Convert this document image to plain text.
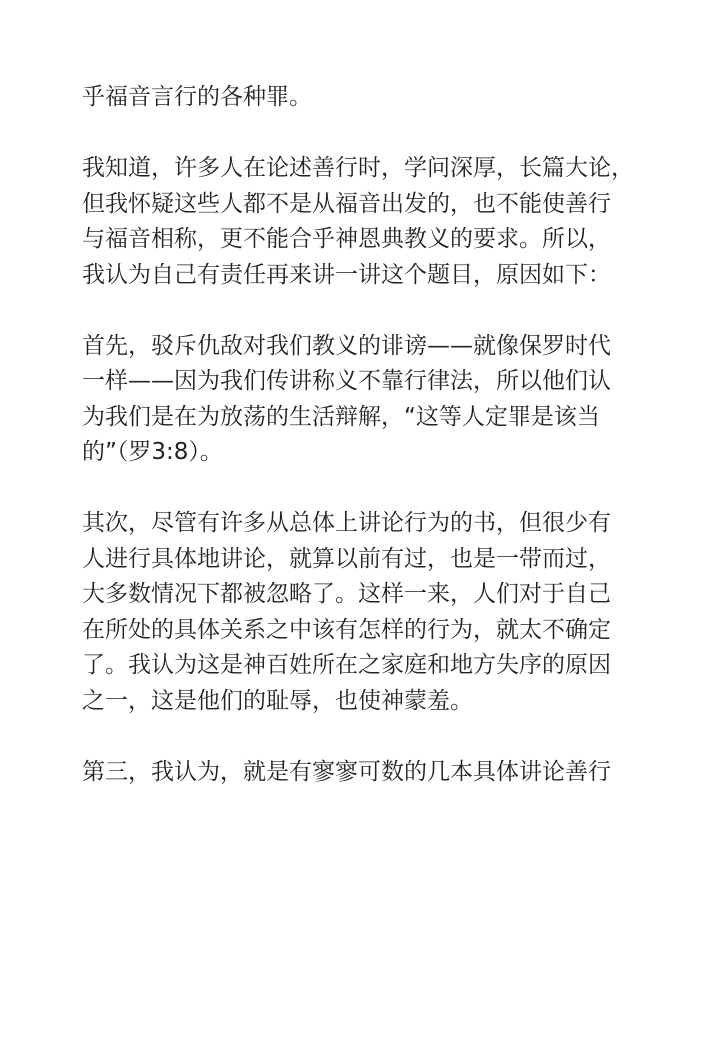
乎福音言行的各种罪。

我知道，许多人在论述善行时，学问深厚，长篇大论，
但我怀疑这些人都不是从福音出发的，也不能使善行
与福音相称，更不能合乎神恩典教义的要求。所以，
我认为自己有责任再来讲一讲这个题目，原因如下：

首先，驳斥仇敌对我们教义的诽谤——就像保罗时代
一样——因为我们传讲称义不靠行律法，所以他们认
为我们是在为放荡的生活辩解，“这等人定罪是该当
的”（罗3:8）。

其次，尽管有许多从总体上讲论行为的书，但很少有
人进行具体地讲论，就算以前有过，也是一带而过，
大多数情况下都被忽略了。这样一来，人们对于自己
在所处的具体关系之中该有怎样的行为，就太不确定
了。我认为这是神百姓所在之家庭和地方失序的原因
之一，这是他们的耻辱，也使神蒙羞。

第三，我认为，就是有寥寥可数的几本具体讲论善行
